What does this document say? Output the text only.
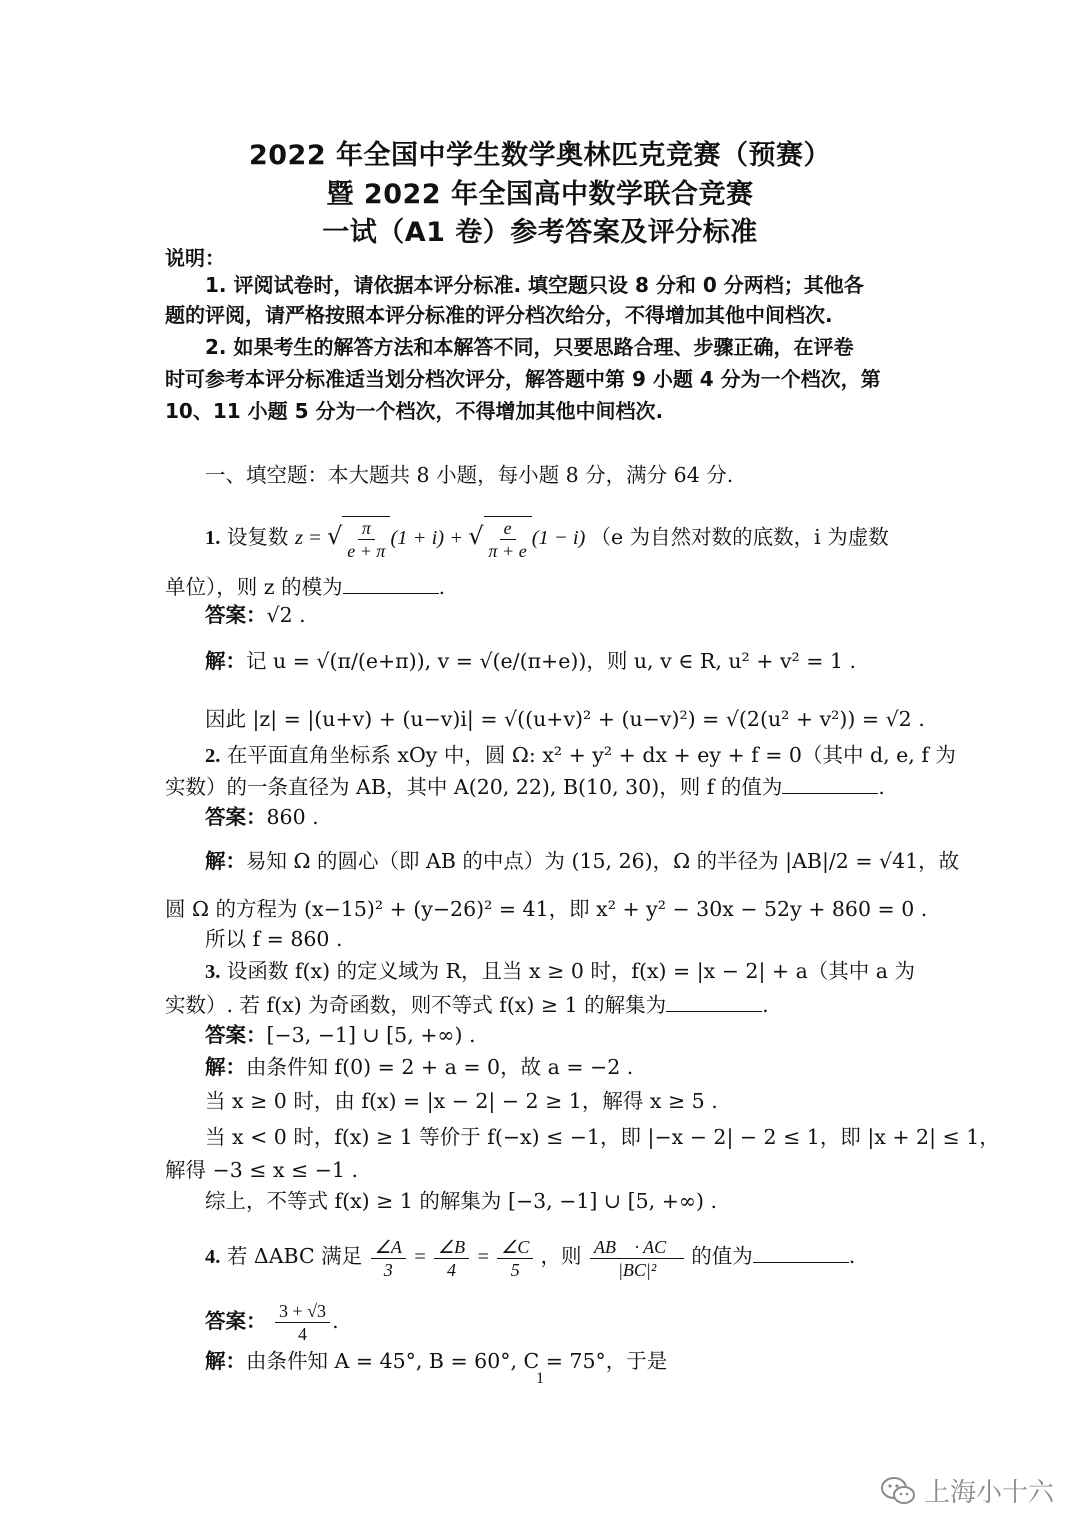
2022 年全国中学生数学奥林匹克竞赛（预赛）
暨 2022 年全国高中数学联合竞赛
一试（A1 卷）参考答案及评分标准
说明：
1. 评阅试卷时，请依据本评分标准. 填空题只设 8 分和 0 分两档；其他各
题的评阅，请严格按照本评分标准的评分档次给分，不得增加其他中间档次.
2. 如果考生的解答方法和本解答不同，只要思路合理、步骤正确，在评卷
时可参考本评分标准适当划分档次评分，解答题中第 9 小题 4 分为一个档次，第
10、11 小题 5 分为一个档次，不得增加其他中间档次.
一、填空题：本大题共 8 小题，每小题 8 分，满分 64 分.
1. 设复数 z = √ $\frac{\pi}{e + \pi} (1 + i)$ + √ $\frac{e}{\pi + e} (1 - i)$ （e 为自然对数的底数，i 为虚数
单位），则 z 的模为	.
答案：√2 .
解：记 u = √(π/(e+π)), v = √(e/(π+e))，则 u, v ∈ R, u² + v² = 1 .
因此 |z| = |(u+v) + (u−v)i| = √((u+v)² + (u−v)²) = √(2(u² + v²)) = √2 .
2. 在平面直角坐标系 xOy 中，圆 Ω: x² + y² + dx + ey + f = 0（其中 d, e, f 为
实数）的一条直径为 AB，其中 A(20, 22), B(10, 30)，则 f 的值为	.
答案：860 .
解：易知 Ω 的圆心（即 AB 的中点）为 (15, 26)，Ω 的半径为 |AB|/2 = √41，故
圆 Ω 的方程为 (x−15)² + (y−26)² = 41，即 x² + y² − 30x − 52y + 860 = 0 .
所以 f = 860 .
3. 设函数 f(x) 的定义域为 R，且当 x ≥ 0 时，f(x) = |x − 2| + a（其中 a 为
实数）. 若 f(x) 为奇函数，则不等式 f(x) ≥ 1 的解集为	.
答案：[−3, −1] ∪ [5, +∞) .
解：由条件知 f(0) = 2 + a = 0，故 a = −2 .
当 x ≥ 0 时，由 f(x) = |x − 2| − 2 ≥ 1，解得 x ≥ 5 .
当 x < 0 时，f(x) ≥ 1 等价于 f(−x) ≤ −1，即 |−x − 2| − 2 ≤ 1，即 |x + 2| ≤ 1，
解得 −3 ≤ x ≤ −1 .
综上，不等式 f(x) ≥ 1 的解集为 [−3, −1] ∪ [5, +∞) .
4. 若 ΔABC 满足 $\frac{\angle A}{3} = \frac{\angle B}{4} = \frac{\angle C}{5}$ ，则 $\frac{AB⃗ \cdot AC⃗}{\text{|BC|²}}$ 的值为	.
答案： $\frac{3 + √3}{4}$ .
解：由条件知 A = 45°, B = 60°, C = 75°，于是
1
上海小十六
